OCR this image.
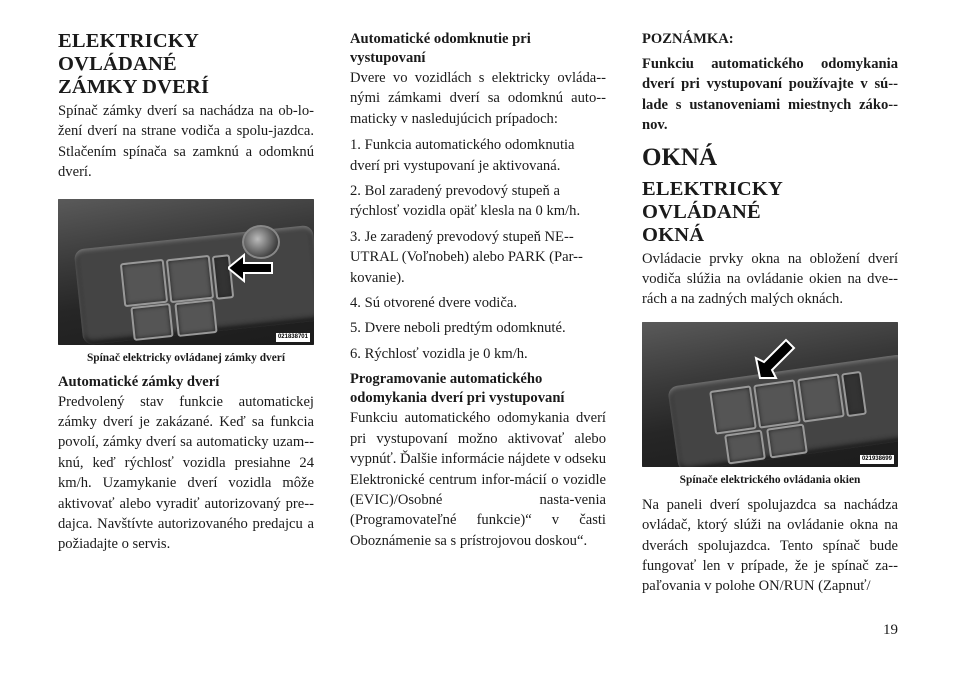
ELEKTRICKY OVLÁDANÉ
ZÁMKY DVERÍ

Spínač zámky dverí sa nachádza na ob-ložení dverí na strane vodiča a spolu-jazdca. Stlačením spínača sa zamknú a odomknú dverí.

021838701
Spínač elektricky ovládanej zámky dverí
Automatické zámky dverí

Predvolený stav funkcie automatickej zámky dverí je zakázané. Keď sa funkcia povolí, zámky dverí sa automaticky uzam-knú, keď rýchlosť vozidla presiahne 24 km/h. Uzamykanie dverí vozidla môže aktivovať alebo vyradiť autorizovaný pre-dajca. Navštívte autorizovaného predajcu a požiadajte o servis.

Automatické odomknutie pri
vystupovaní

Dvere vo vozidlách s elektricky ovláda-nými zámkami dverí sa odomknú auto-maticky v nasledujúcich prípadoch:

1. Funkcia automatického odomknutia dverí pri vystupovaní je aktivovaná.

2. Bol zaradený prevodový stupeň a rýchlosť vozidla opäť klesla na 0 km/h.

3. Je zaradený prevodový stupeň NE-UTRAL (Voľnobeh) alebo PARK (Par-kovanie).

4. Sú otvorené dvere vodiča.

5. Dvere neboli predtým odomknuté.

6. Rýchlosť vozidla je 0 km/h.

Programovanie automatického
odomykania dverí pri vystupovaní

Funkciu automatického odomykania dverí pri vystupovaní možno aktivovať alebo vypnúť. Ďalšie informácie nájdete v odseku Elektronické centrum infor-mácií o vozidle (EVIC)/Osobné nasta-venia (Programovateľné funkcie)“ v časti Oboznámenie sa s prístrojovou doskou“.

POZNÁMKA:

Funkciu automatického odomykania dverí pri vystupovaní používajte v sú-lade s ustanoveniami miestnych záko-nov.

OKNÁ
ELEKTRICKY OVLÁDANÉ
OKNÁ

Ovládacie prvky okna na obložení dverí vodiča slúžia na ovládanie okien na dve-rách a na zadných malých oknách.

021938699
Spínače elektrického ovládania okien

Na paneli dverí spolujazdca sa nachádza ovládač, ktorý slúži na ovládanie okna na dverách spolujazdca. Tento spínač bude fungovať len v prípade, že je spínač za-paľovania v polohe ON/RUN (Zapnuť/

19
